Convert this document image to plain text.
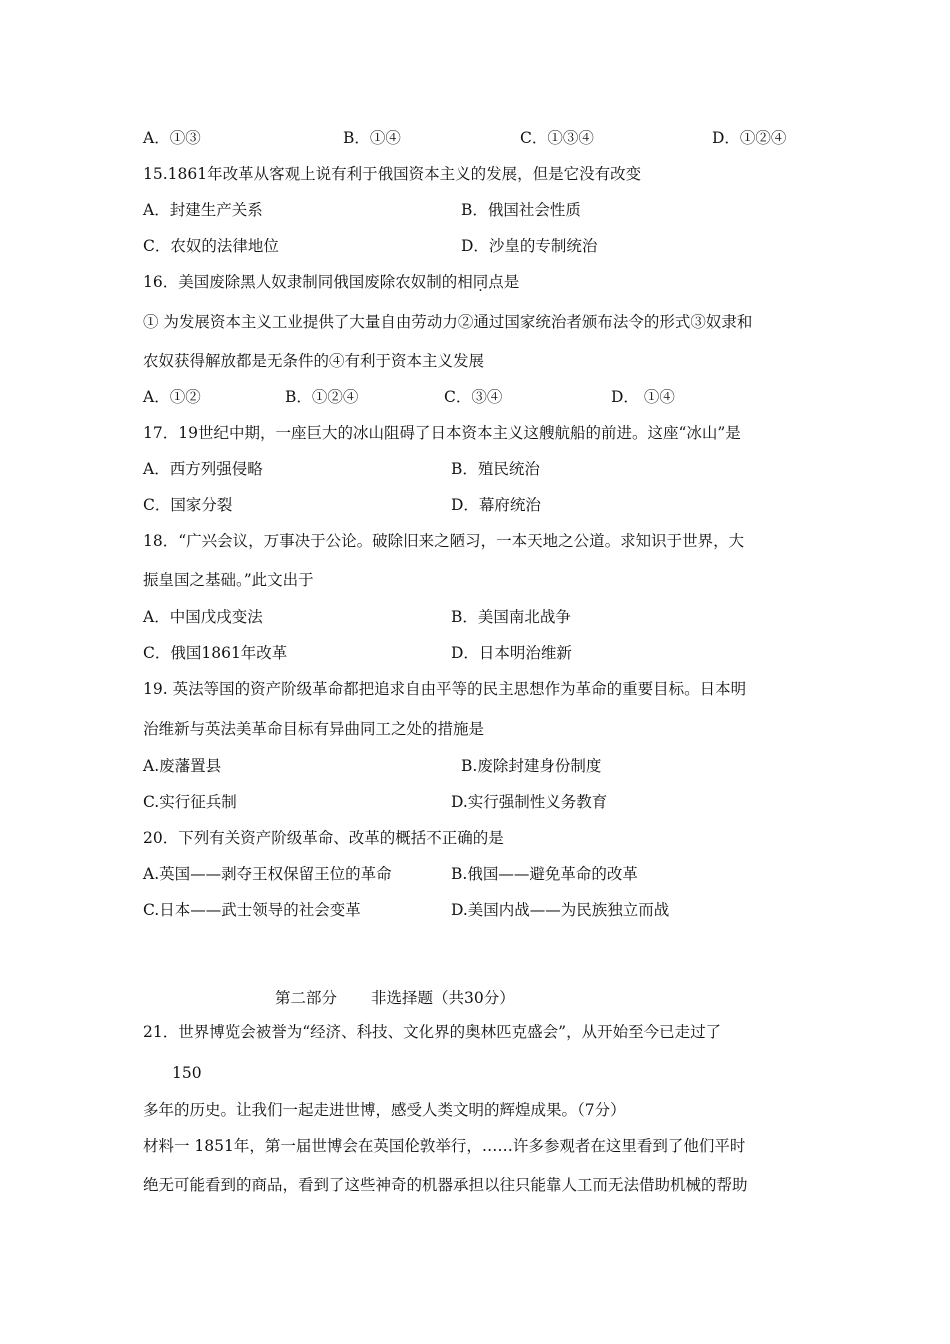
A．①③	B．①④	C．①③④	D．①②④
15.1861年改革从客观上说有利于俄国资本主义的发展，但是它没有改变
A．封建生产关系	B．俄国社会性质
C．农奴的法律地位	D．沙皇的专制统治
16．美国废除黑人奴隶制同俄国废除农奴制的相同点是
① 为发展资本主义工业提供了大量自由劳动力②通过国家统治者颁布法令的形式③奴隶和
农奴获得解放都是无条件的④有利于资本主义发展
A．①②	B．①②④	C．③④	D． ①④
17．19世纪中期，一座巨大的冰山阻碍了日本资本主义这艘航船的前进。这座“冰山”是
A．西方列强侵略	B．殖民统治
C．国家分裂	D．幕府统治
18．“广兴会议，万事决于公论。破除旧来之陋习，一本天地之公道。求知识于世界，大
振皇国之基础。”此文出于
A．中国戊戌变法	B．美国南北战争
C．俄国1861年改革	D．日本明治维新
19. 英法等国的资产阶级革命都把追求自由平等的民主思想作为革命的重要目标。日本明
治维新与英法美革命目标有异曲同工之处的措施是
A.废藩置县	B.废除封建身份制度
C.实行征兵制	D.实行强制性义务教育
20．下列有关资产阶级革命、改革的概括不正确的是
A.英国——剥夺王权保留王位的革命	B.俄国——避免革命的改革
C.日本——武士领导的社会变革	D.美国内战——为民族独立而战
第二部分 非选择题（共30分）
21．世界博览会被誉为“经济、科技、文化界的奥林匹克盛会”，从开始至今已走过了
150
多年的历史。让我们一起走进世博，感受人类文明的辉煌成果。（7分）
材料一 1851年，第一届世博会在英国伦敦举行，……许多参观者在这里看到了他们平时
绝无可能看到的商品，看到了这些神奇的机器承担以往只能靠人工而无法借助机械的帮助
